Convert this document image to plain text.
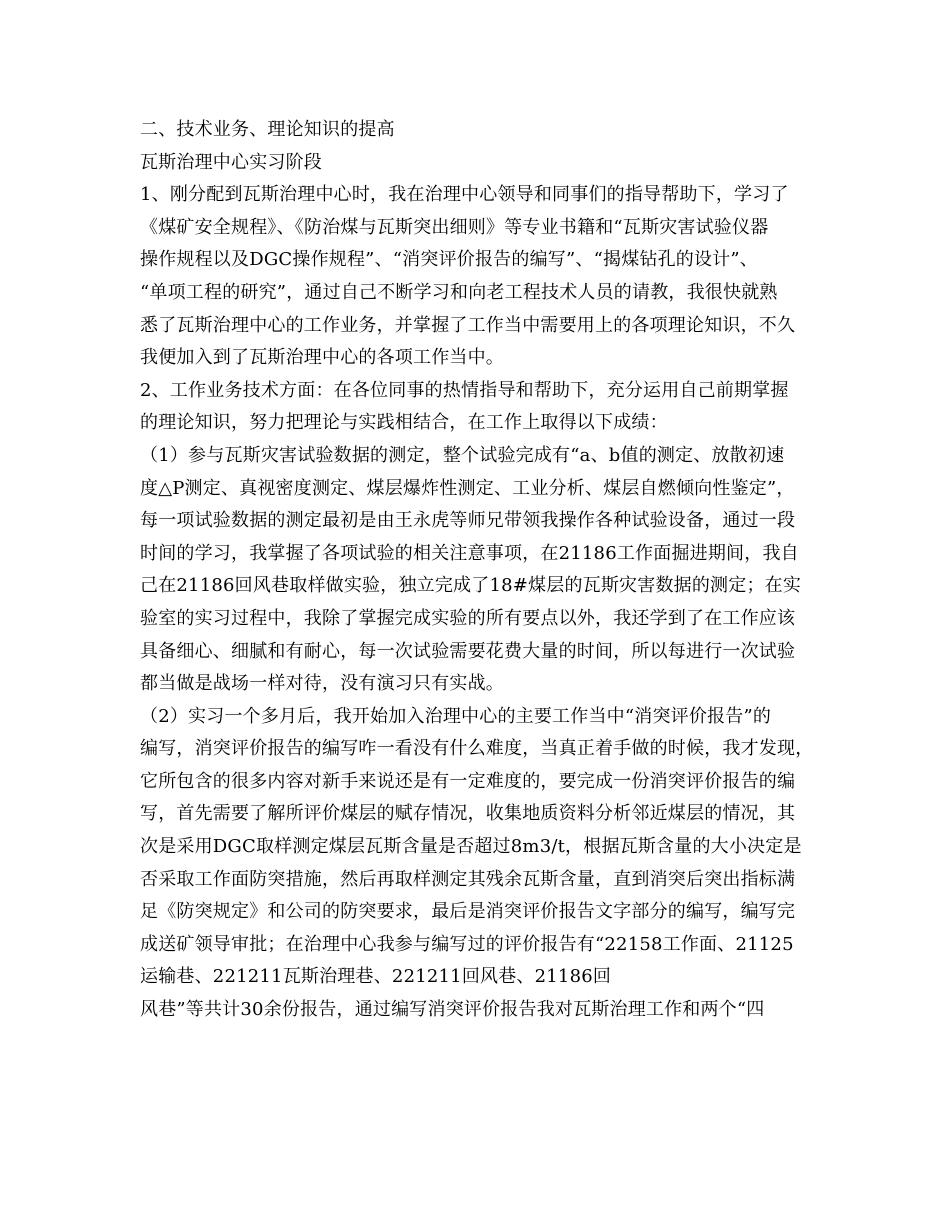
二、技术业务、理论知识的提高
瓦斯治理中心实习阶段
1、刚分配到瓦斯治理中心时，我在治理中心领导和同事们的指导帮助下，学习了
《煤矿安全规程》、《防治煤与瓦斯突出细则》等专业书籍和“瓦斯灾害试验仪器
操作规程以及DGC操作规程”、“消突评价报告的编写”、“揭煤钻孔的设计”、
“单项工程的研究”，通过自己不断学习和向老工程技术人员的请教，我很快就熟
悉了瓦斯治理中心的工作业务，并掌握了工作当中需要用上的各项理论知识，不久
我便加入到了瓦斯治理中心的各项工作当中。
2、工作业务技术方面：在各位同事的热情指导和帮助下，充分运用自己前期掌握
的理论知识，努力把理论与实践相结合，在工作上取得以下成绩：
（1）参与瓦斯灾害试验数据的测定，整个试验完成有“a、b值的测定、放散初速
度△P测定、真视密度测定、煤层爆炸性测定、工业分析、煤层自燃倾向性鉴定”，
每一项试验数据的测定最初是由王永虎等师兄带领我操作各种试验设备，通过一段
时间的学习，我掌握了各项试验的相关注意事项，在21186工作面掘进期间，我自
己在21186回风巷取样做实验，独立完成了18#煤层的瓦斯灾害数据的测定；在实
验室的实习过程中，我除了掌握完成实验的所有要点以外，我还学到了在工作应该
具备细心、细腻和有耐心，每一次试验需要花费大量的时间，所以每进行一次试验
都当做是战场一样对待，没有演习只有实战。
（2）实习一个多月后，我开始加入治理中心的主要工作当中“消突评价报告”的
编写，消突评价报告的编写咋一看没有什么难度，当真正着手做的时候，我才发现，
它所包含的很多内容对新手来说还是有一定难度的，要完成一份消突评价报告的编
写，首先需要了解所评价煤层的赋存情况，收集地质资料分析邻近煤层的情况，其
次是采用DGC取样测定煤层瓦斯含量是否超过8m3/t，根据瓦斯含量的大小决定是
否采取工作面防突措施，然后再取样测定其残余瓦斯含量，直到消突后突出指标满
足《防突规定》和公司的防突要求，最后是消突评价报告文字部分的编写，编写完
成送矿领导审批；在治理中心我参与编写过的评价报告有“22158工作面、21125
运输巷、221211瓦斯治理巷、221211回风巷、21186回
风巷”等共计30余份报告，通过编写消突评价报告我对瓦斯治理工作和两个“四
